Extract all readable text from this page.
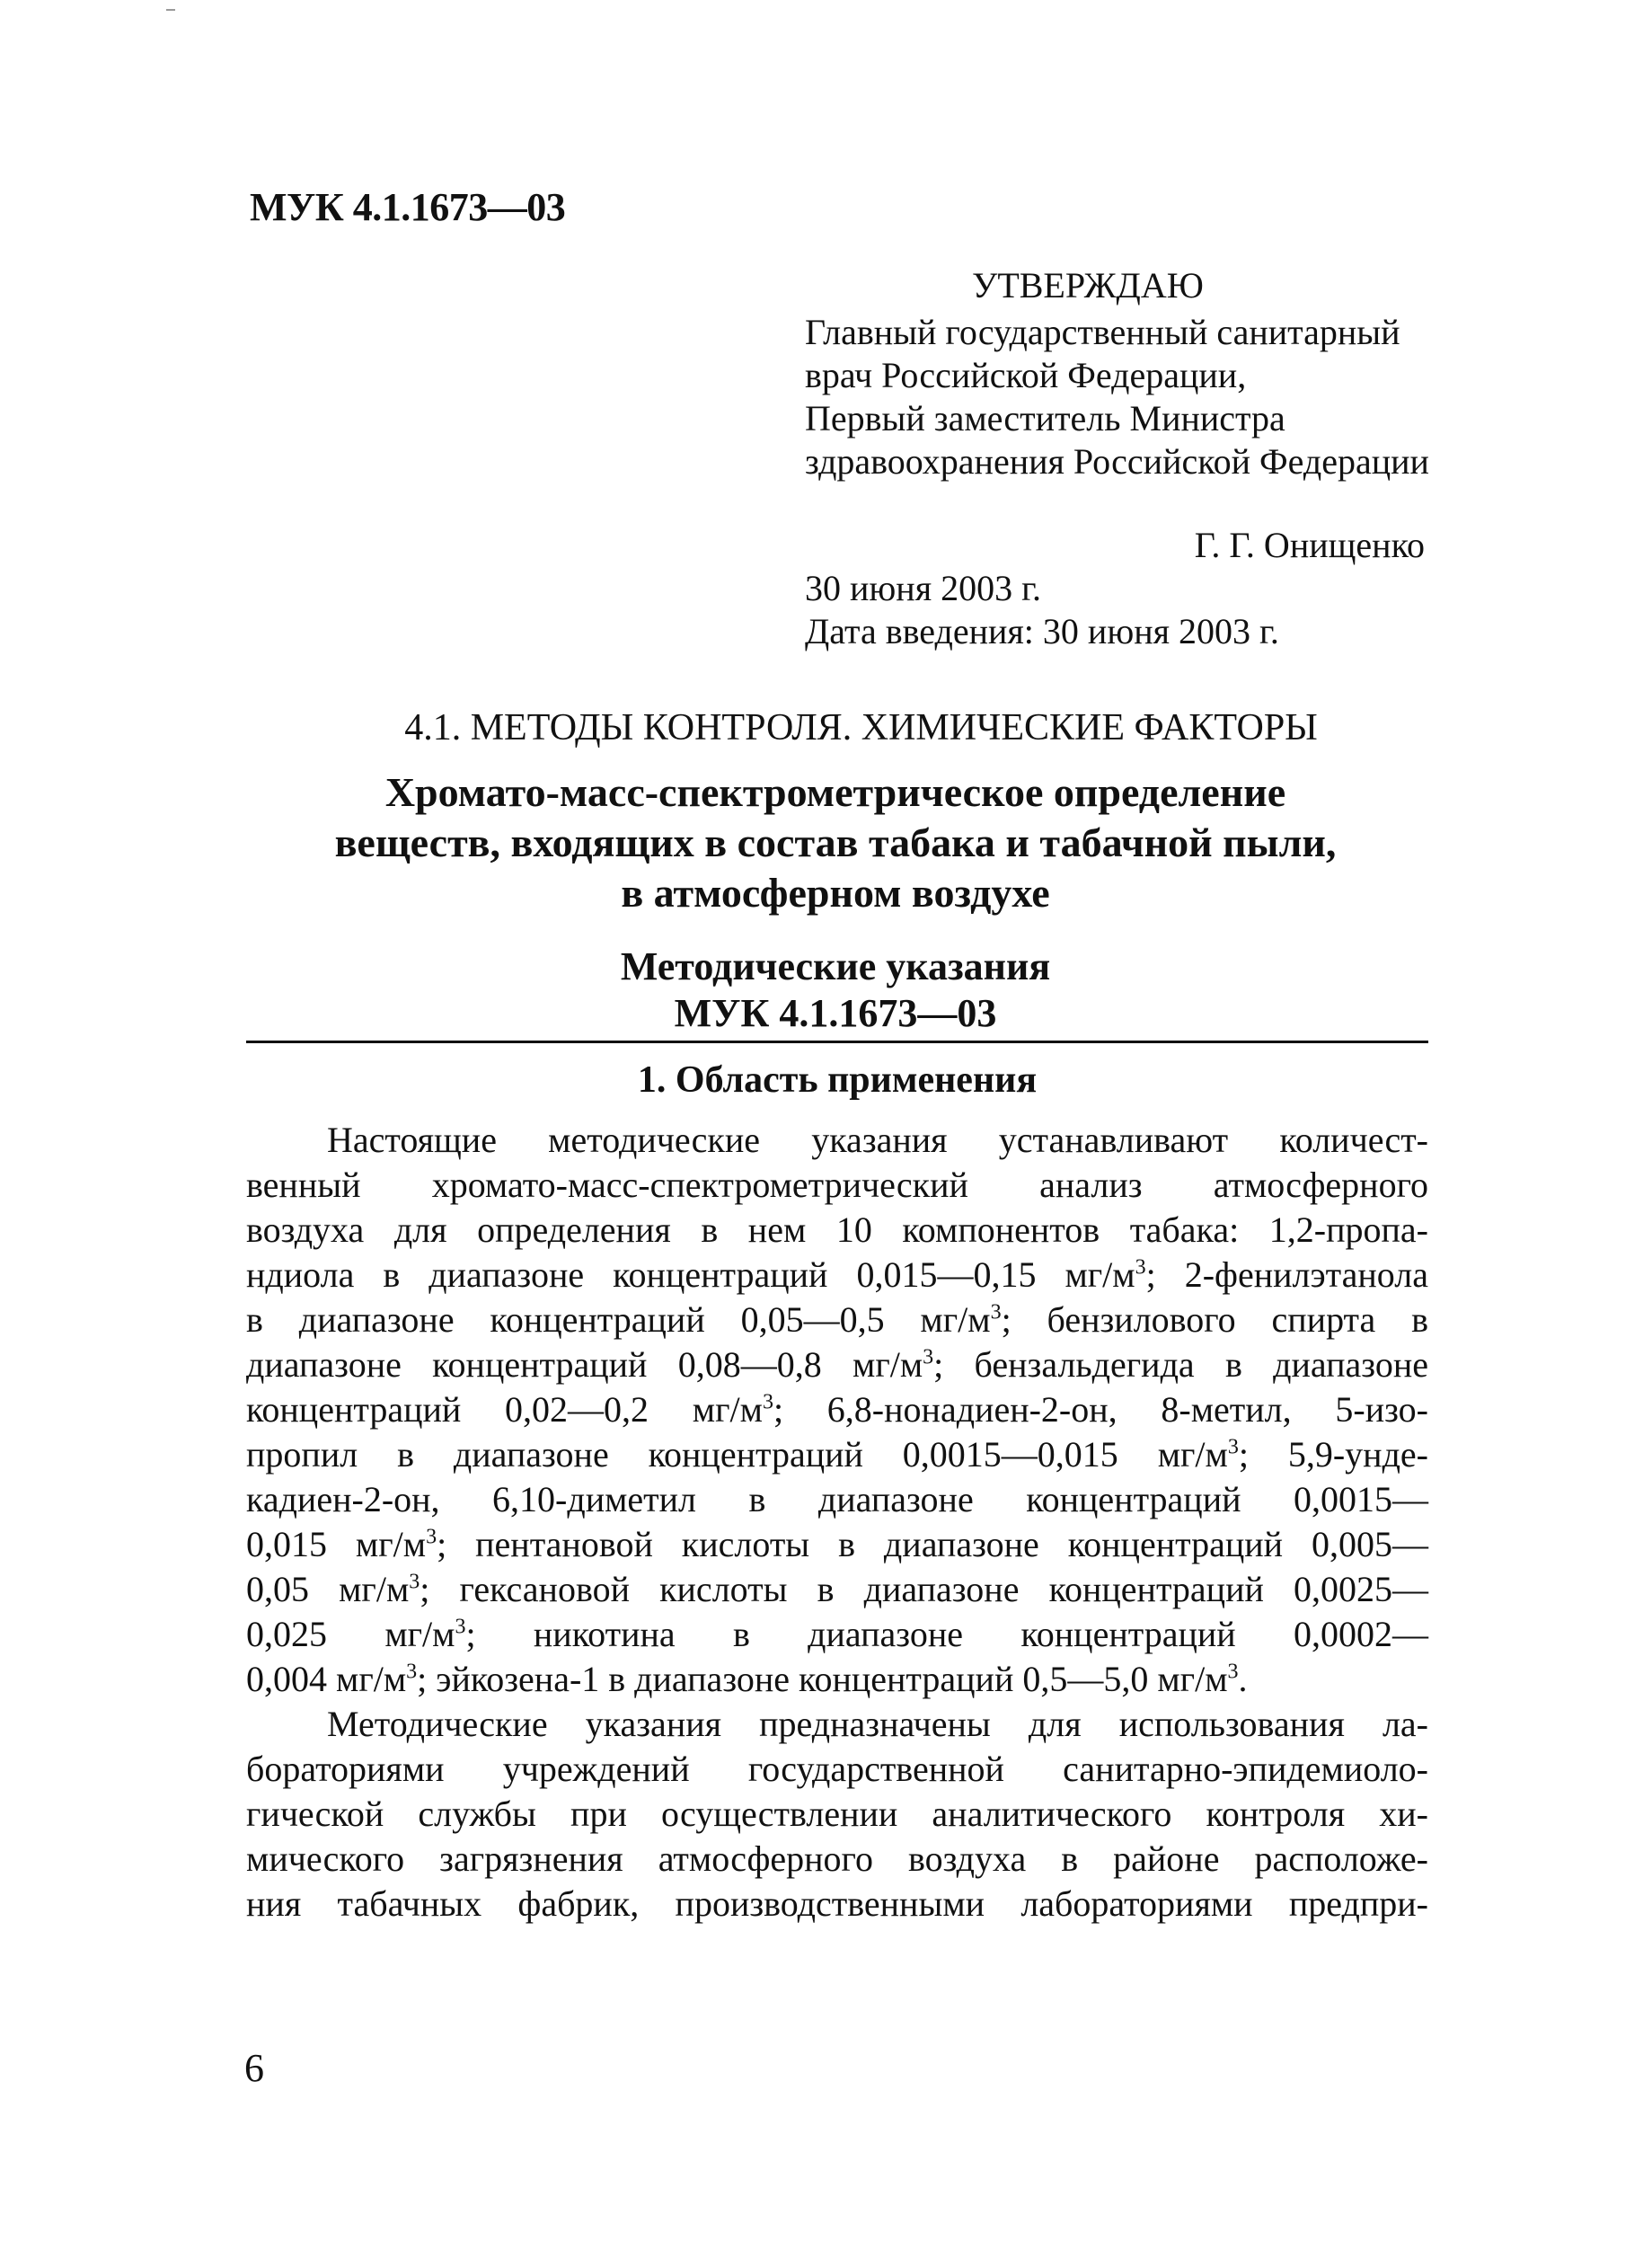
МУК 4.1.1673—03
УТВЕРЖДАЮ
Главный государственный санитарный
врач Российской Федерации,
Первый заместитель Министра
здравоохранения Российской Федерации
Г. Г. Онищенко
30 июня 2003 г.
Дата введения: 30 июня 2003 г.
4.1. МЕТОДЫ КОНТРОЛЯ. ХИМИЧЕСКИЕ ФАКТОРЫ
Хромато-масс-спектрометрическое определение
веществ, входящих в состав табака и табачной пыли,
в атмосферном воздухе
Методические указания
МУК 4.1.1673—03
1. Область применения
Настоящие методические указания устанавливают количест-
венный хромато-масс-спектрометрический анализ атмосферного
воздуха для определения в нем 10 компонентов табака: 1,2-пропа-
ндиола в диапазоне концентраций 0,015—0,15 $мг/м^3$; 2-фенилэтанола
в диапазоне концентраций 0,05—0,5 $мг/м^3$; бензилового спирта в
диапазоне концентраций 0,08—0,8 $мг/м^3$; бензальдегида в диапазоне
концентраций 0,02—0,2 $мг/м^3$; 6,8-нонадиен-2-он, 8-метил, 5-изо-
пропил в диапазоне концентраций 0,0015—0,015 $мг/м^3$; 5,9-унде-
кадиен-2-он, 6,10-диметил в диапазоне концентраций 0,0015—
0,015 $мг/м^3$; пентановой кислоты в диапазоне концентраций 0,005—
0,05 $мг/м^3$; гексановой кислоты в диапазоне концентраций 0,0025—
0,025 $мг/м^3$; никотина в диапазоне концентраций 0,0002—
0,004 $мг/м^3$; эйкозена-1 в диапазоне концентраций 0,5—5,0 $мг/м^3$.
Методические указания предназначены для использования ла-
бораториями учреждений государственной санитарно-эпидемиоло-
гической службы при осуществлении аналитического контроля хи-
мического загрязнения атмосферного воздуха в районе расположе-
ния табачных фабрик, производственными лабораториями предпри-
6
